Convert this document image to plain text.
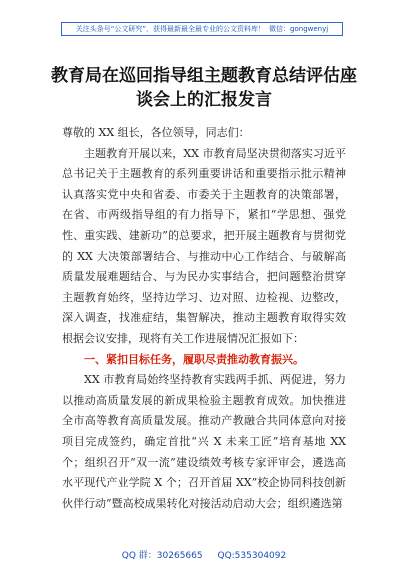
关注头条号“公文研究”，获得最新最全最专业的公文资料库！ 微信：gongwenyj
教育局在巡回指导组主题教育总结评估座
谈会上的汇报发言

尊敬的 XX 组长，各位领导，同志们：

主题教育开展以来，XX 市教育局坚决贯彻落实习近平总书记关于主题教育的系列重要讲话和重要指示批示精神认真落实党中央和省委、市委关于主题教育的决策部署，在省、市两级指导组的有力指导下，紧扣“学思想、强党性、重实践、建新功”的总要求，把开展主题教育与贯彻党的 XX 大决策部署结合、与推动中心工作结合、与破解高质量发展难题结合、与为民办实事结合，把问题整治贯穿主题教育始终，坚持边学习、边对照、边检视、边整改，深入调查，找准症结，集智解决，推动主题教育取得实效根据会议安排，现将有关工作进展情况汇报如下：

一、紧扣目标任务，履职尽责推动教育振兴。

XX 市教育局始终坚持教育实践两手抓、两促进，努力以推动高质量发展的新成果检验主题教育成效。加快推进全市高等教育高质量发展。推动产教融合共同体意向对接项目完成签约，确定首批“兴 X 未来工匠”培育基地 XX 个；组织召开“双一流”建设绩效考核专家评审会，遴选高水平现代产业学院 X 个；召开首届 XX”校企协同科技创新伙伴行动”暨高校成果转化对接活动启动大会；组织遴选第

QQ 群：30265665 QQ:535304092
